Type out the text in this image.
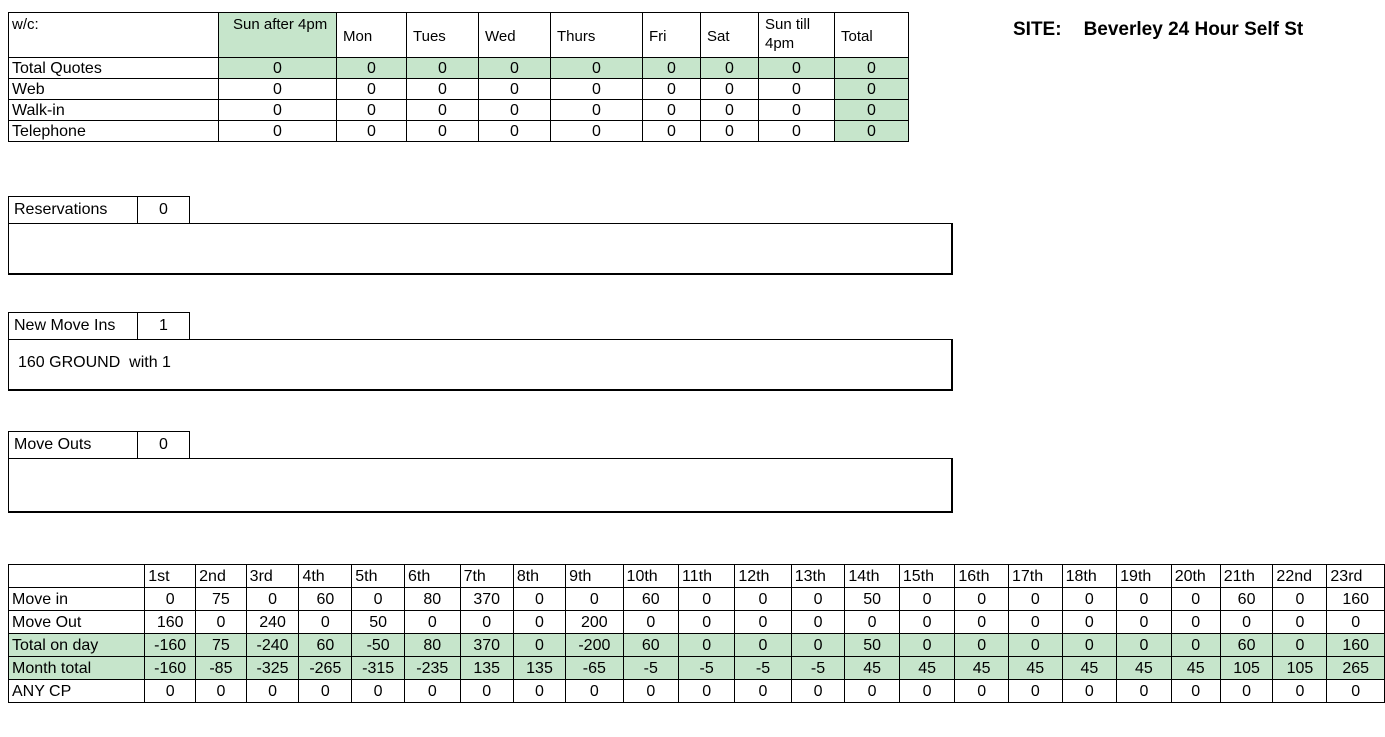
w/c:	Sun after 4pm	Mon	Tues	Wed	Thurs	Fri	Sat	Sun till 4pm	Total
Total Quotes	0	0	0	0	0	0	0	0	0
Web	0	0	0	0	0	0	0	0	0
Walk-in	0	0	0	0	0	0	0	0	0
Telephone	0	0	0	0	0	0	0	0	0
SITE: Beverley 24 Hour Self St
Reservations	0
New Move Ins	1
160 GROUND  with 1
Move Outs	0
	1st	2nd	3rd	4th	5th	6th	7th	8th	9th	10th	11th	12th	13th	14th	15th	16th	17th	18th	19th	20th	21th	22nd	23rd
Move in	0	75	0	60	0	80	370	0	0	60	0	0	0	50	0	0	0	0	0	0	60	0	160
Move Out	160	0	240	0	50	0	0	0	200	0	0	0	0	0	0	0	0	0	0	0	0	0	0
Total on day	-160	75	-240	60	-50	80	370	0	-200	60	0	0	0	50	0	0	0	0	0	0	60	0	160
Month total	-160	-85	-325	-265	-315	-235	135	135	-65	-5	-5	-5	-5	45	45	45	45	45	45	45	105	105	265
ANY CP	0	0	0	0	0	0	0	0	0	0	0	0	0	0	0	0	0	0	0	0	0	0	0
